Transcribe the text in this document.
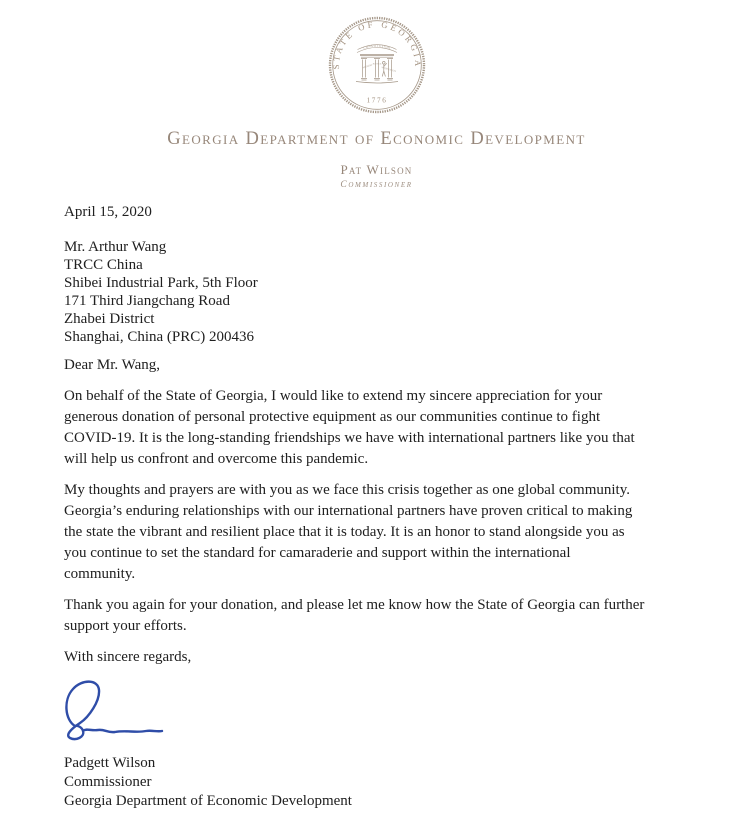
STATE OF GEORGIA
CONSTITUTION
WISDOM
JUSTICE
MODERATION
1776
Georgia Department of Economic Development
Pat Wilson
Commissioner
April 15, 2020
Mr. Arthur Wang
TRCC China
Shibei Industrial Park, 5th Floor
171 Third Jiangchang Road
Zhabei District
Shanghai, China (PRC) 200436
Dear Mr. Wang,
On behalf of the State of Georgia, I would like to extend my sincere appreciation for your
generous donation of personal protective equipment as our communities continue to fight
COVID-19. It is the long-standing friendships we have with international partners like you that
will help us confront and overcome this pandemic.
My thoughts and prayers are with you as we face this crisis together as one global community.
Georgia’s enduring relationships with our international partners have proven critical to making
the state the vibrant and resilient place that it is today. It is an honor to stand alongside you as
you continue to set the standard for camaraderie and support within the international
community.
Thank you again for your donation, and please let me know how the State of Georgia can further
support your efforts.
With sincere regards,
Padgett Wilson
Commissioner
Georgia Department of Economic Development
